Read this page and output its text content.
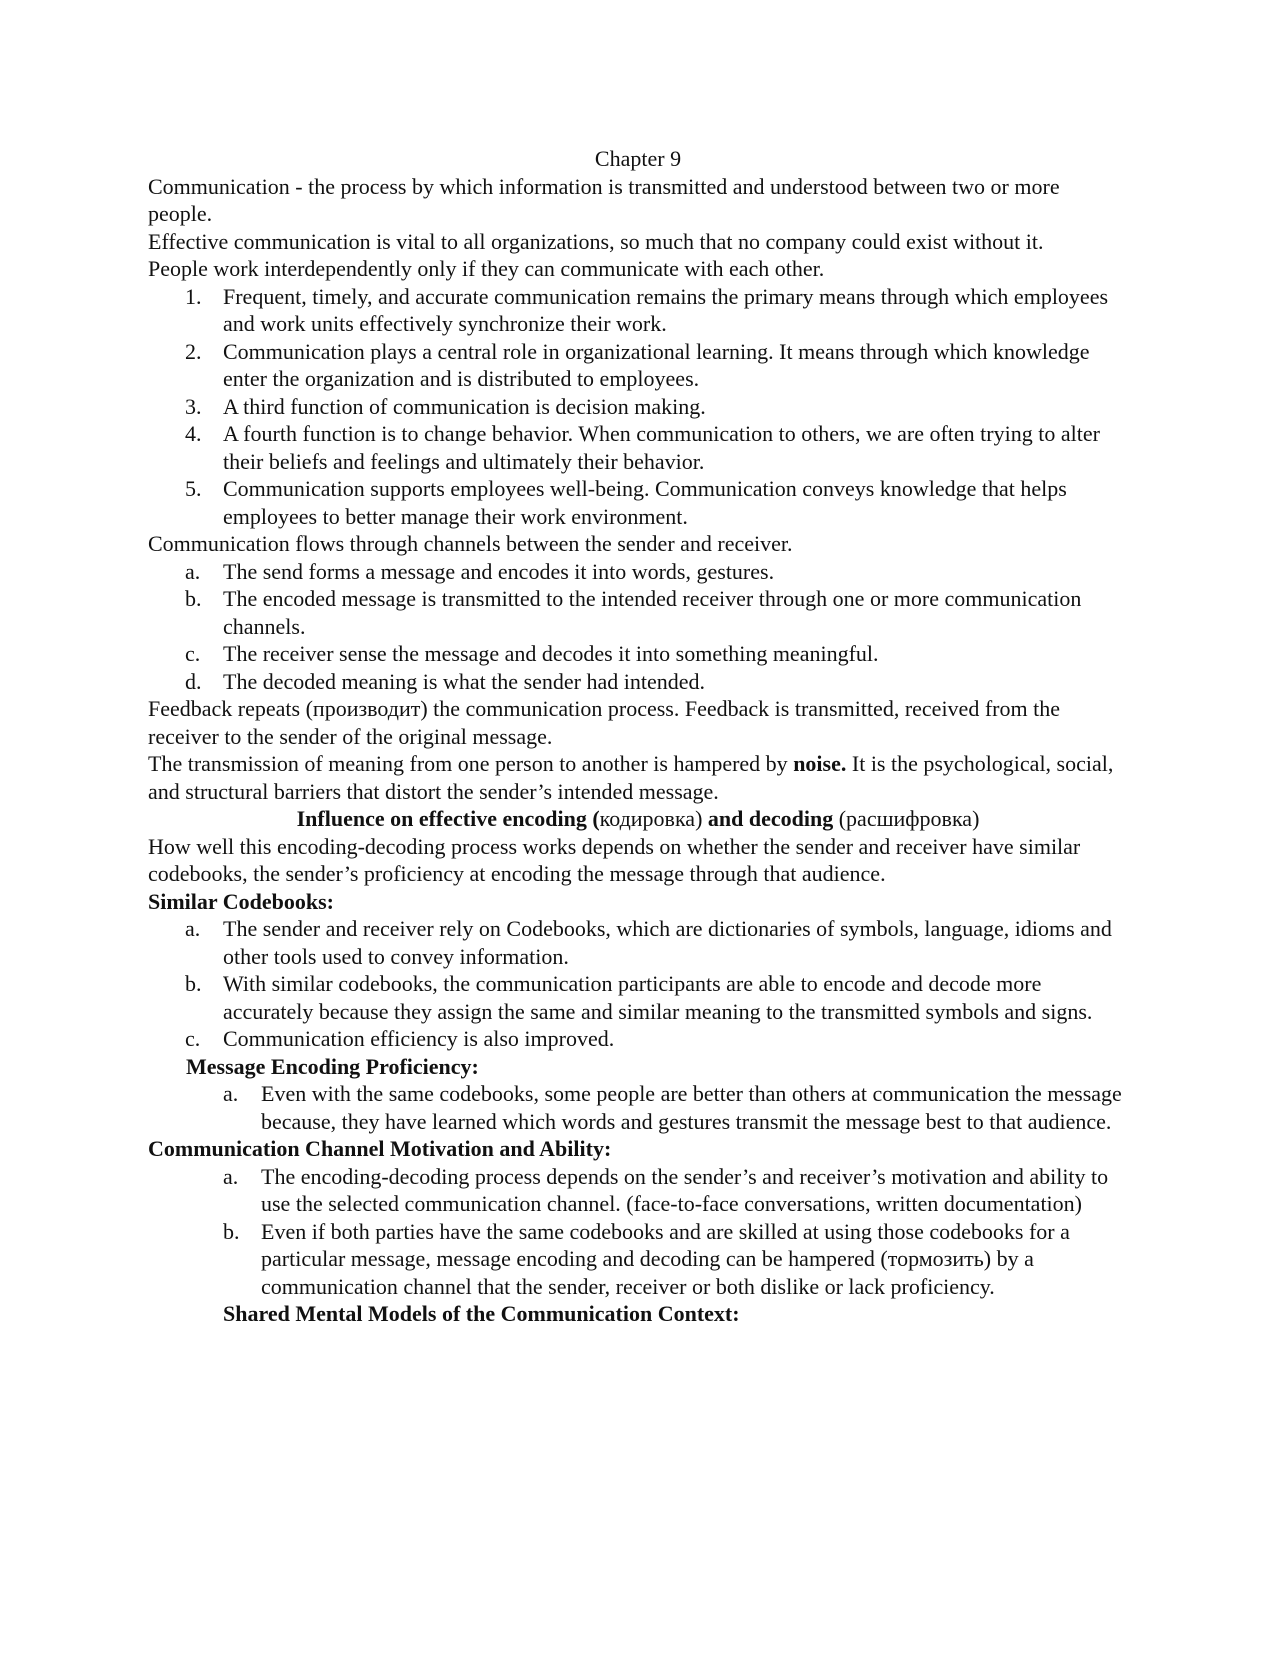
Chapter 9

Communication - the process by which information is transmitted and understood between two or more people.

Effective communication is vital to all organizations, so much that no company could exist without it.

People work interdependently only if they can communicate with each other.

1. Frequent, timely, and accurate communication remains the primary means through which employees and work units effectively synchronize their work.
2. Communication plays a central role in organizational learning. It means through which knowledge enter the organization and is distributed to employees.
3. A third function of communication is decision making.
4. A fourth function is to change behavior. When communication to others, we are often trying to alter their beliefs and feelings and ultimately their behavior.
5. Communication supports employees well-being. Communication conveys knowledge that helps employees to better manage their work environment.

Communication flows through channels between the sender and receiver.

a. The send forms a message and encodes it into words, gestures.
b. The encoded message is transmitted to the intended receiver through one or more communication channels.
c. The receiver sense the message and decodes it into something meaningful.
d. The decoded meaning is what the sender had intended.

Feedback repeats (производит) the communication process. Feedback is transmitted, received from the receiver to the sender of the original message.

The transmission of meaning from one person to another is hampered by noise. It is the psychological, social, and structural barriers that distort the sender’s intended message.

Influence on effective encoding (кодировка) and decoding (расшифровка)

How well this encoding-decoding process works depends on whether the sender and receiver have similar codebooks, the sender’s proficiency at encoding the message through that audience.

Similar Codebooks:

a. The sender and receiver rely on Codebooks, which are dictionaries of symbols, language, idioms and other tools used to convey information.
b. With similar codebooks, the communication participants are able to encode and decode more accurately because they assign the same and similar meaning to the transmitted symbols and signs.
c. Communication efficiency is also improved.

Message Encoding Proficiency:

a. Even with the same codebooks, some people are better than others at communication the message because, they have learned which words and gestures transmit the message best to that audience.

Communication Channel Motivation and Ability:

a. The encoding-decoding process depends on the sender’s and receiver’s motivation and ability to use the selected communication channel. (face-to-face conversations, written documentation)
b. Even if both parties have the same codebooks and are skilled at using those codebooks for a particular message, message encoding and decoding can be hampered (тормозить) by a communication channel that the sender, receiver or both dislike or lack proficiency.

Shared Mental Models of the Communication Context:
